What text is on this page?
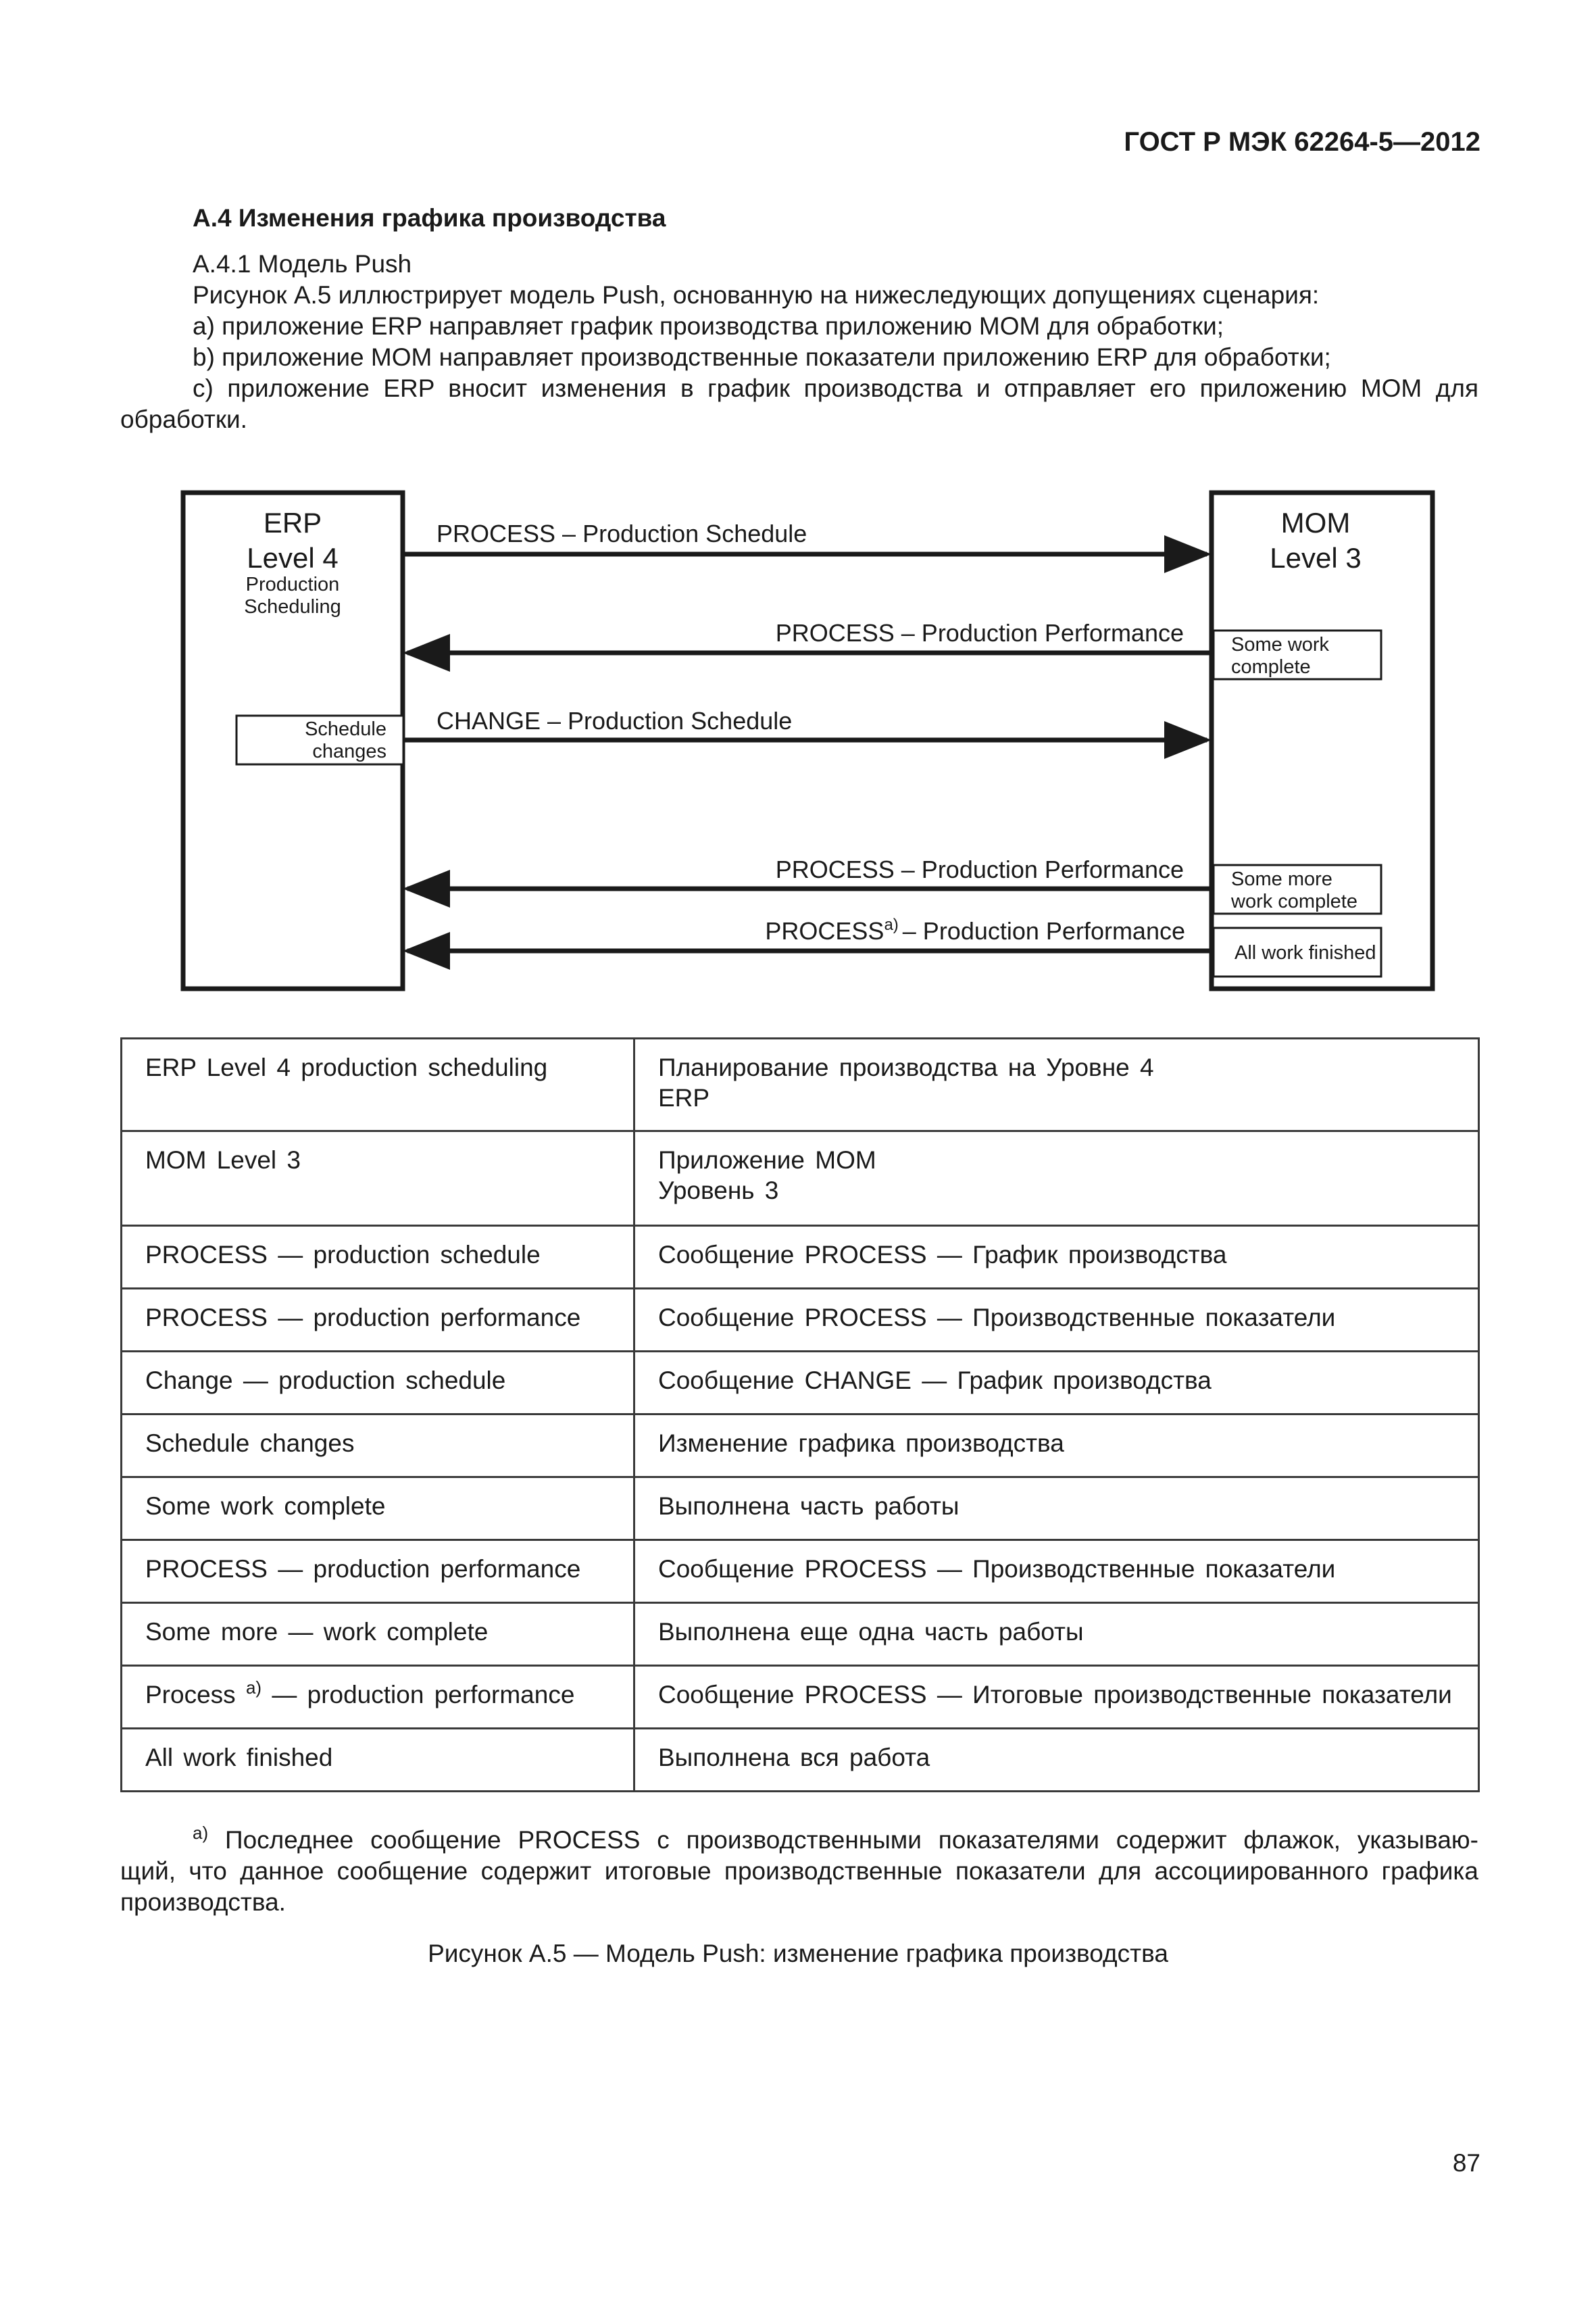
ГОСТ Р МЭК 62264-5—2012
А.4 Изменения графика производства
А.4.1 Модель Push
Рисунок А.5 иллюстрирует модель Push, основанную на нижеследующих допущениях сценария:
а) приложение ERP направляет график производства приложению МОМ для обработки;
b) приложение МОМ направляет производственные показатели приложению ERP для обработки;
с) приложение ERP вносит изменения в график производства и отправляет его приложению МОМ для
обработки.
ERP
Level 4
Production
Scheduling
MOM
Level 3
Schedule
changes
Some work
complete
Some more
work complete
All work finished
PROCESS – Production Schedule
PROCESS – Production Performance
CHANGE – Production Schedule
PROCESS – Production Performance
PROCESS$^{a)}$ – Production Performance
ERP Level 4 production scheduling	Планирование производства на Уровне 4
ERP
MOM Level 3	Приложение МОМ
Уровень 3
PROCESS — production schedule	Сообщение PROCESS — График производства
PROCESS — production performance	Сообщение PROCESS — Производственные показатели
Change — production schedule	Сообщение CHANGE — График производства
Schedule changes	Изменение графика производства
Some work complete	Выполнена часть работы
PROCESS — production performance	Сообщение PROCESS — Производственные показатели
Some more — work complete	Выполнена еще одна часть работы
Process $^{a)}$ — production performance	Сообщение PROCESS — Итоговые производственные показатели
All work finished	Выполнена вся работа
$^{а)}$ Последнее сообщение PROCESS с производственными показателями содержит флажок, указываю-
щий, что данное сообщение содержит итоговые производственные показатели для ассоциированного графика
производства.
Рисунок А.5 — Модель Push: изменение графика производства
87
